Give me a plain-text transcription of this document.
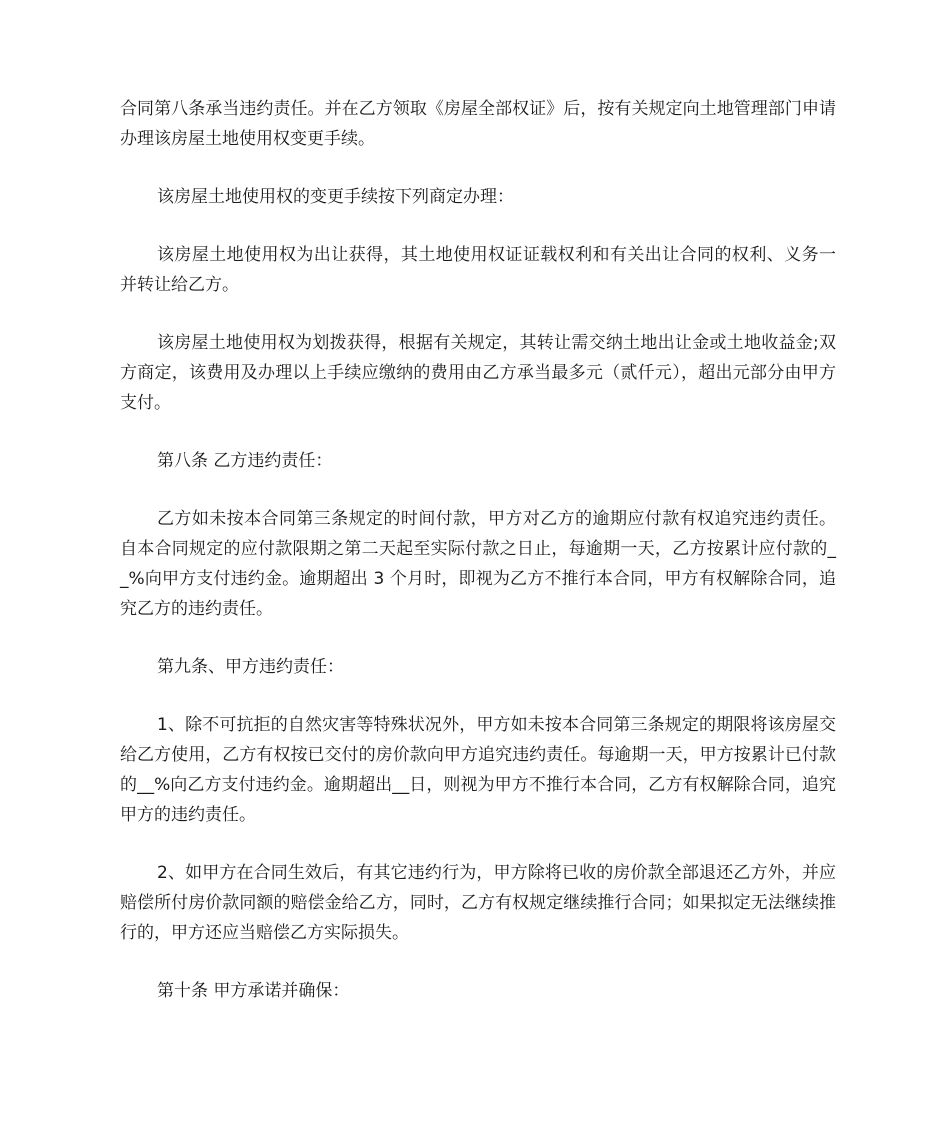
合同第八条承当违约责任。并在乙方领取《房屋全部权证》后，按有关规定向土地管理部门申请办理该房屋土地使用权变更手续。

该房屋土地使用权的变更手续按下列商定办理：

该房屋土地使用权为出让获得，其土地使用权证证载权利和有关出让合同的权利、义务一并转让给乙方。

该房屋土地使用权为划拨获得，根据有关规定，其转让需交纳土地出让金或土地收益金;双方商定，该费用及办理以上手续应缴纳的费用由乙方承当最多元（贰仟元），超出元部分由甲方支付。

第八条 乙方违约责任：

乙方如未按本合同第三条规定的时间付款，甲方对乙方的逾期应付款有权追究违约责任。自本合同规定的应付款限期之第二天起至实际付款之日止，每逾期一天，乙方按累计应付款的__%向甲方支付违约金。逾期超出 3 个月时，即视为乙方不推行本合同，甲方有权解除合同，追究乙方的违约责任。

第九条、甲方违约责任：

1、除不可抗拒的自然灾害等特殊状况外，甲方如未按本合同第三条规定的期限将该房屋交给乙方使用，乙方有权按已交付的房价款向甲方追究违约责任。每逾期一天，甲方按累计已付款的__%向乙方支付违约金。逾期超出__日，则视为甲方不推行本合同，乙方有权解除合同，追究甲方的违约责任。

2、如甲方在合同生效后，有其它违约行为，甲方除将已收的房价款全部退还乙方外，并应赔偿所付房价款同额的赔偿金给乙方，同时，乙方有权规定继续推行合同；如果拟定无法继续推行的，甲方还应当赔偿乙方实际损失。

第十条 甲方承诺并确保：
